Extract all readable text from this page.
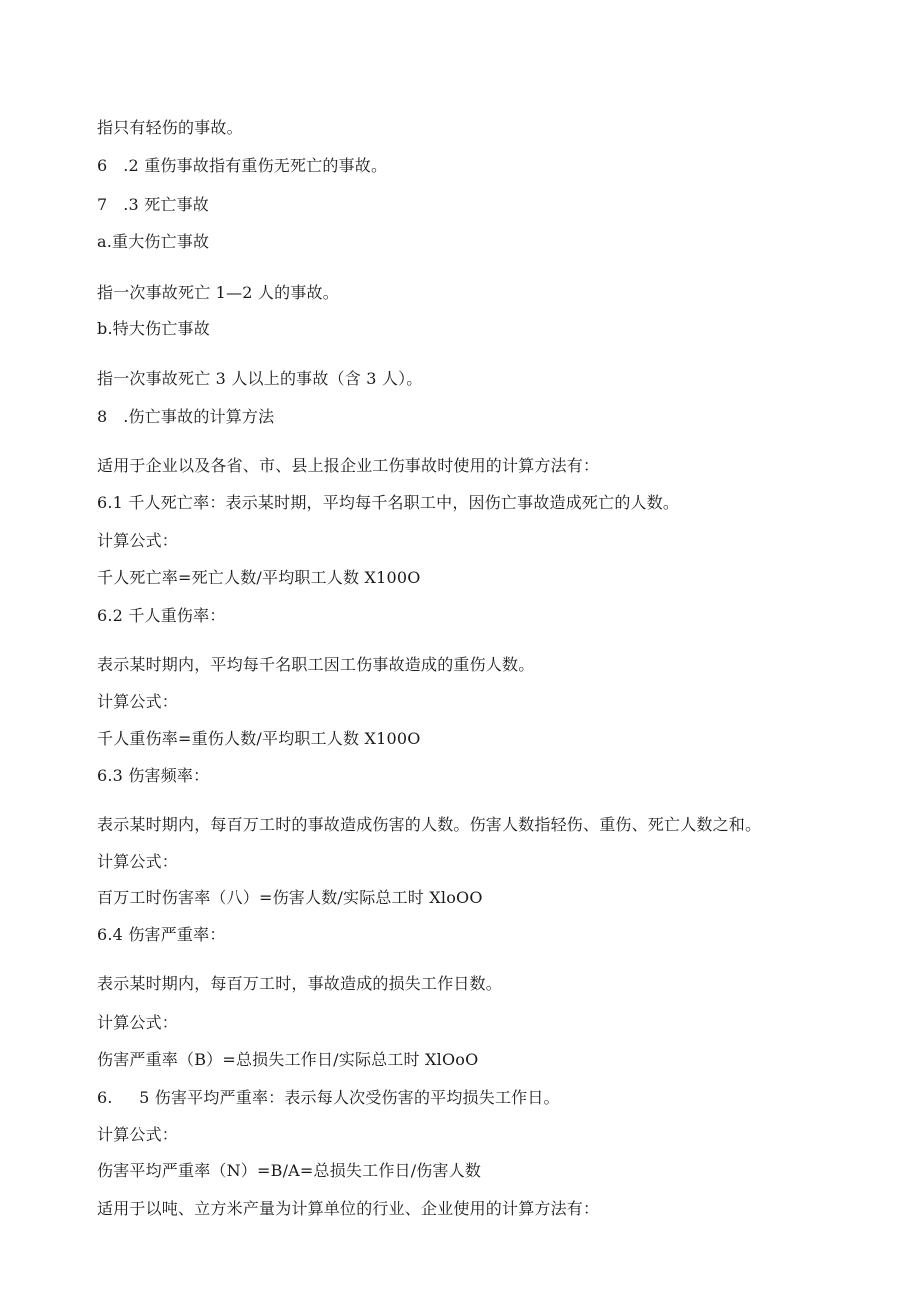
指只有轻伤的事故。
6   .2 重伤事故指有重伤无死亡的事故。
7   .3 死亡事故
a.重大伤亡事故
指一次事故死亡 1—2 人的事故。
b.特大伤亡事故
指一次事故死亡 3 人以上的事故（含 3 人）。
8   .伤亡事故的计算方法
适用于企业以及各省、市、县上报企业工伤事故时使用的计算方法有：
6.1 千人死亡率：表示某时期，平均每千名职工中，因伤亡事故造成死亡的人数。
计算公式：
千人死亡率=死亡人数/平均职工人数 X100O
6.2 千人重伤率：
表示某时期内，平均每千名职工因工伤事故造成的重伤人数。
计算公式：
千人重伤率=重伤人数/平均职工人数 X100O
6.3 伤害频率：
表示某时期内，每百万工时的事故造成伤害的人数。伤害人数指轻伤、重伤、死亡人数之和。
计算公式：
百万工时伤害率（八）=伤害人数/实际总工时 XloOO
6.4 伤害严重率：
表示某时期内，每百万工时，事故造成的损失工作日数。
计算公式：
伤害严重率（B）=总损失工作日/实际总工时 XlOoO
6.     5 伤害平均严重率：表示每人次受伤害的平均损失工作日。
计算公式：
伤害平均严重率（N）=B/A=总损失工作日/伤害人数
适用于以吨、立方米产量为计算单位的行业、企业使用的计算方法有：
